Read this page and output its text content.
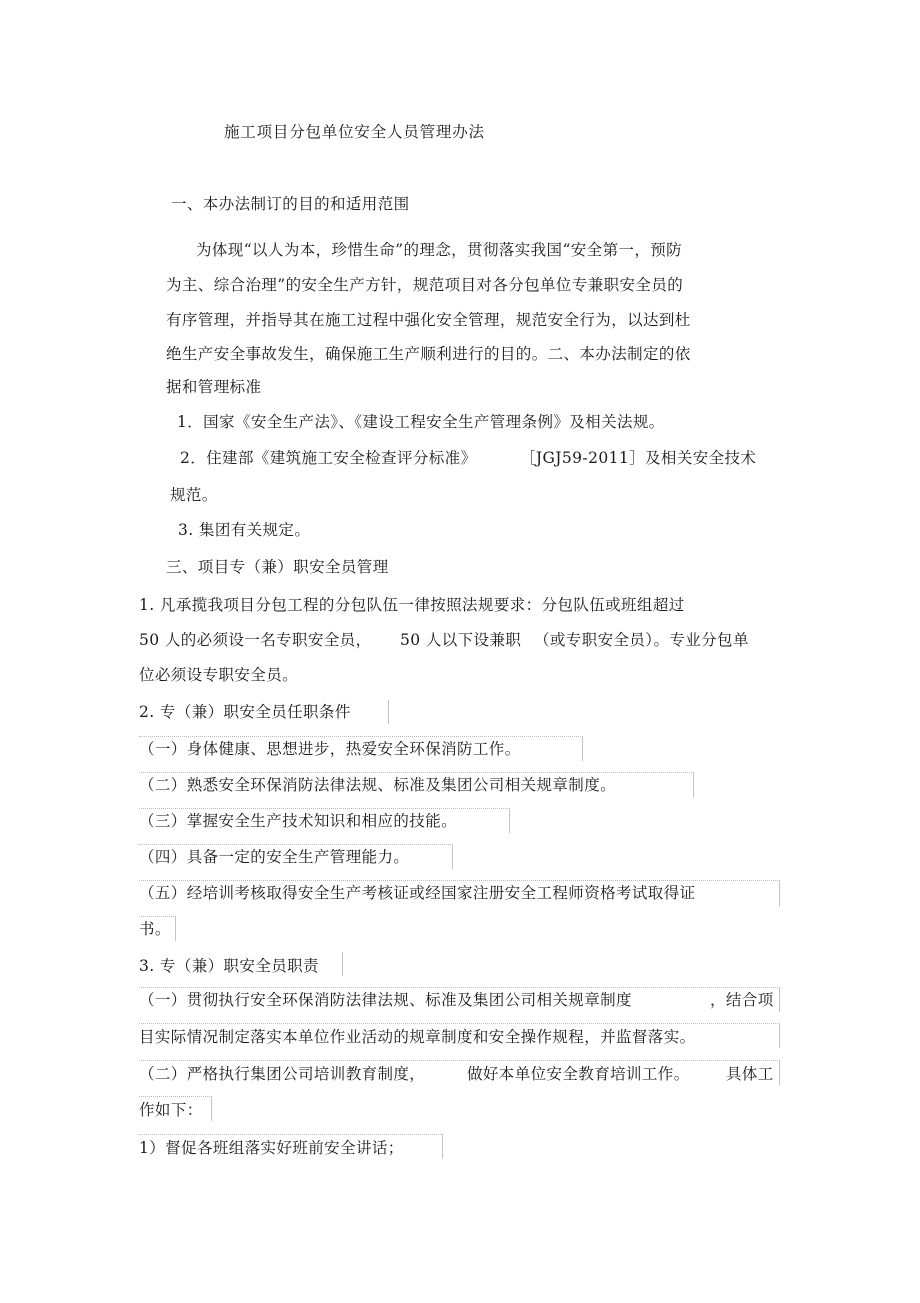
施工项目分包单位安全人员管理办法
一、本办法制订的目的和适用范围
为体现“以人为本，珍惜生命”的理念，贯彻落实我国“安全第一，预防
为主、综合治理”的安全生产方针，规范项目对各分包单位专兼职安全员的
有序管理，并指导其在施工过程中强化安全管理，规范安全行为，以达到杜
绝生产安全事故发生，确保施工生产顺利进行的目的。二、本办法制定的依
据和管理标准
1．国家《安全生产法》、《建设工程安全生产管理条例》及相关法规。
2．住建部《建筑施工安全检查评分标准》	［JGJ59-2011］及相关安全技术
规范。
3. 集团有关规定。
三、项目专（兼）职安全员管理
1. 凡承揽我项目分包工程的分包队伍一律按照法规要求：分包队伍或班组超过
50 人的必须设一名专职安全员， 50 人以下设兼职 （或专职安全员）。专业分包单
位必须设专职安全员。
2. 专（兼）职安全员任职条件
（一）身体健康、思想进步，热爱安全环保消防工作。
（二）熟悉安全环保消防法律法规、标准及集团公司相关规章制度。
（三）掌握安全生产技术知识和相应的技能。
（四）具备一定的安全生产管理能力。
（五）经培训考核取得安全生产考核证或经国家注册安全工程师资格考试取得证
书。
3. 专（兼）职安全员职责
（一）贯彻执行安全环保消防法律法规、标准及集团公司相关规章制度	，结合项
目实际情况制定落实本单位作业活动的规章制度和安全操作规程，并监督落实。
（二）严格执行集团公司培训教育制度，	做好本单位安全教育培训工作。 具体工
作如下：
1）督促各班组落实好班前安全讲话；
